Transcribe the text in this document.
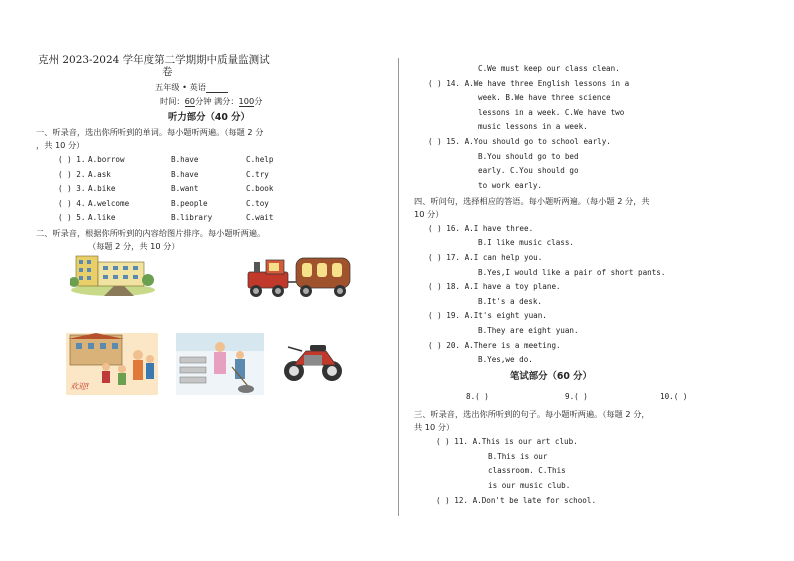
克州 2023-2024 学年度第二学期期中质量监测试
卷
五年级 • 英语
时间：60分钟 满分：100分
听力部分（40 分）
一、听录音，选出你所听到的单词。每小题听两遍。（每题 2 分
，共 10 分）
( ) 1. A.borrow	B.have	C.help
( ) 2. A.ask	B.have	C.try
( ) 3. A.bike	B.want	C.book
( ) 4. A.welcome	B.people	C.toy
( ) 5. A.like	B.library	C.wait
二、听录音，根据你所听到的内容给图片排序。每小题听两遍。
（每题 2 分，共 10 分）
欢迎!
C.We must keep our class clean.
( ) 14. A.We have three English lessons in a
week. B.We have three science
lessons in a week. C.We have two
music lessons in a week.
( ) 15. A.You should go to school early.
B.You should go to bed
early. C.You should go
to work early.
四、听问句，选择相应的答语。每小题听两遍。（每小题 2 分，共
10 分）
( ) 16. A.I have three.
B.I like music class.
( ) 17. A.I can help you.
B.Yes,I would like a pair of short pants.
( ) 18. A.I have a toy plane.
B.It's a desk.
( ) 19. A.It's eight yuan.
B.They are eight yuan.
( ) 20. A.There is a meeting.
B.Yes,we do.
笔试部分（60 分）
8.( )	9.( )	10.( )
三、听录音，选出你所听到的句子。每小题听两遍。（每题 2 分，
共 10 分）
( ) 11. A.This is our art club.
B.This is our
classroom. C.This
is our music club.
( ) 12. A.Don't be late for school.
